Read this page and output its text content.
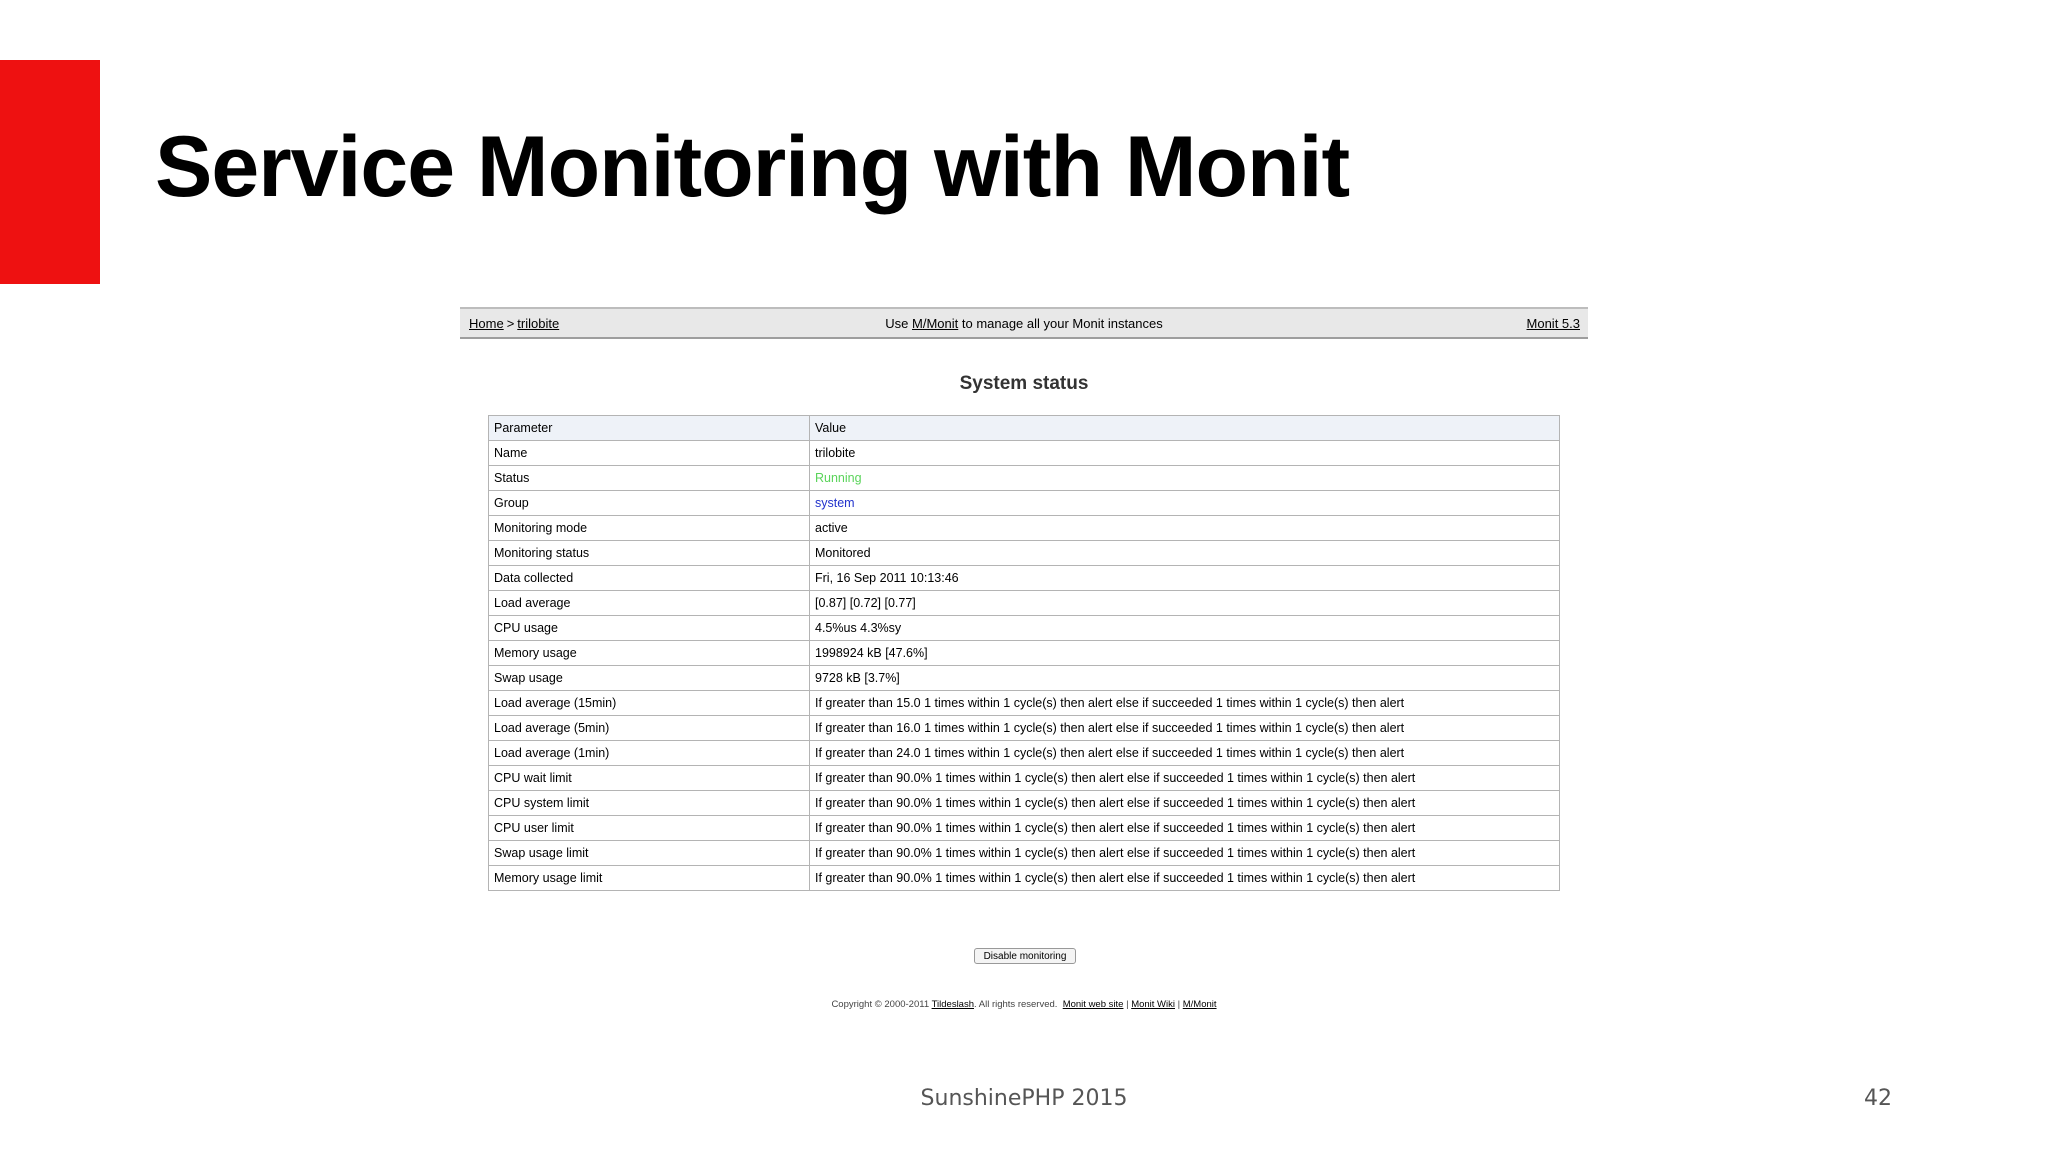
Service Monitoring with Monit
Home > trilobite	Use M/Monit to manage all your Monit instances	Monit 5.3
System status
Parameter	Value
Name	trilobite
Status	Running
Group	system
Monitoring mode	active
Monitoring status	Monitored
Data collected	Fri, 16 Sep 2011 10:13:46
Load average	[0.87] [0.72] [0.77]
CPU usage	4.5%us 4.3%sy
Memory usage	1998924 kB [47.6%]
Swap usage	9728 kB [3.7%]
Load average (15min)	If greater than 15.0 1 times within 1 cycle(s) then alert else if succeeded 1 times within 1 cycle(s) then alert
Load average (5min)	If greater than 16.0 1 times within 1 cycle(s) then alert else if succeeded 1 times within 1 cycle(s) then alert
Load average (1min)	If greater than 24.0 1 times within 1 cycle(s) then alert else if succeeded 1 times within 1 cycle(s) then alert
CPU wait limit	If greater than 90.0% 1 times within 1 cycle(s) then alert else if succeeded 1 times within 1 cycle(s) then alert
CPU system limit	If greater than 90.0% 1 times within 1 cycle(s) then alert else if succeeded 1 times within 1 cycle(s) then alert
CPU user limit	If greater than 90.0% 1 times within 1 cycle(s) then alert else if succeeded 1 times within 1 cycle(s) then alert
Swap usage limit	If greater than 90.0% 1 times within 1 cycle(s) then alert else if succeeded 1 times within 1 cycle(s) then alert
Memory usage limit	If greater than 90.0% 1 times within 1 cycle(s) then alert else if succeeded 1 times within 1 cycle(s) then alert
Disable monitoring
Copyright © 2000-2011 Tildeslash. All rights reserved. Monit web site | Monit Wiki | M/Monit
SunshinePHP 2015	42
